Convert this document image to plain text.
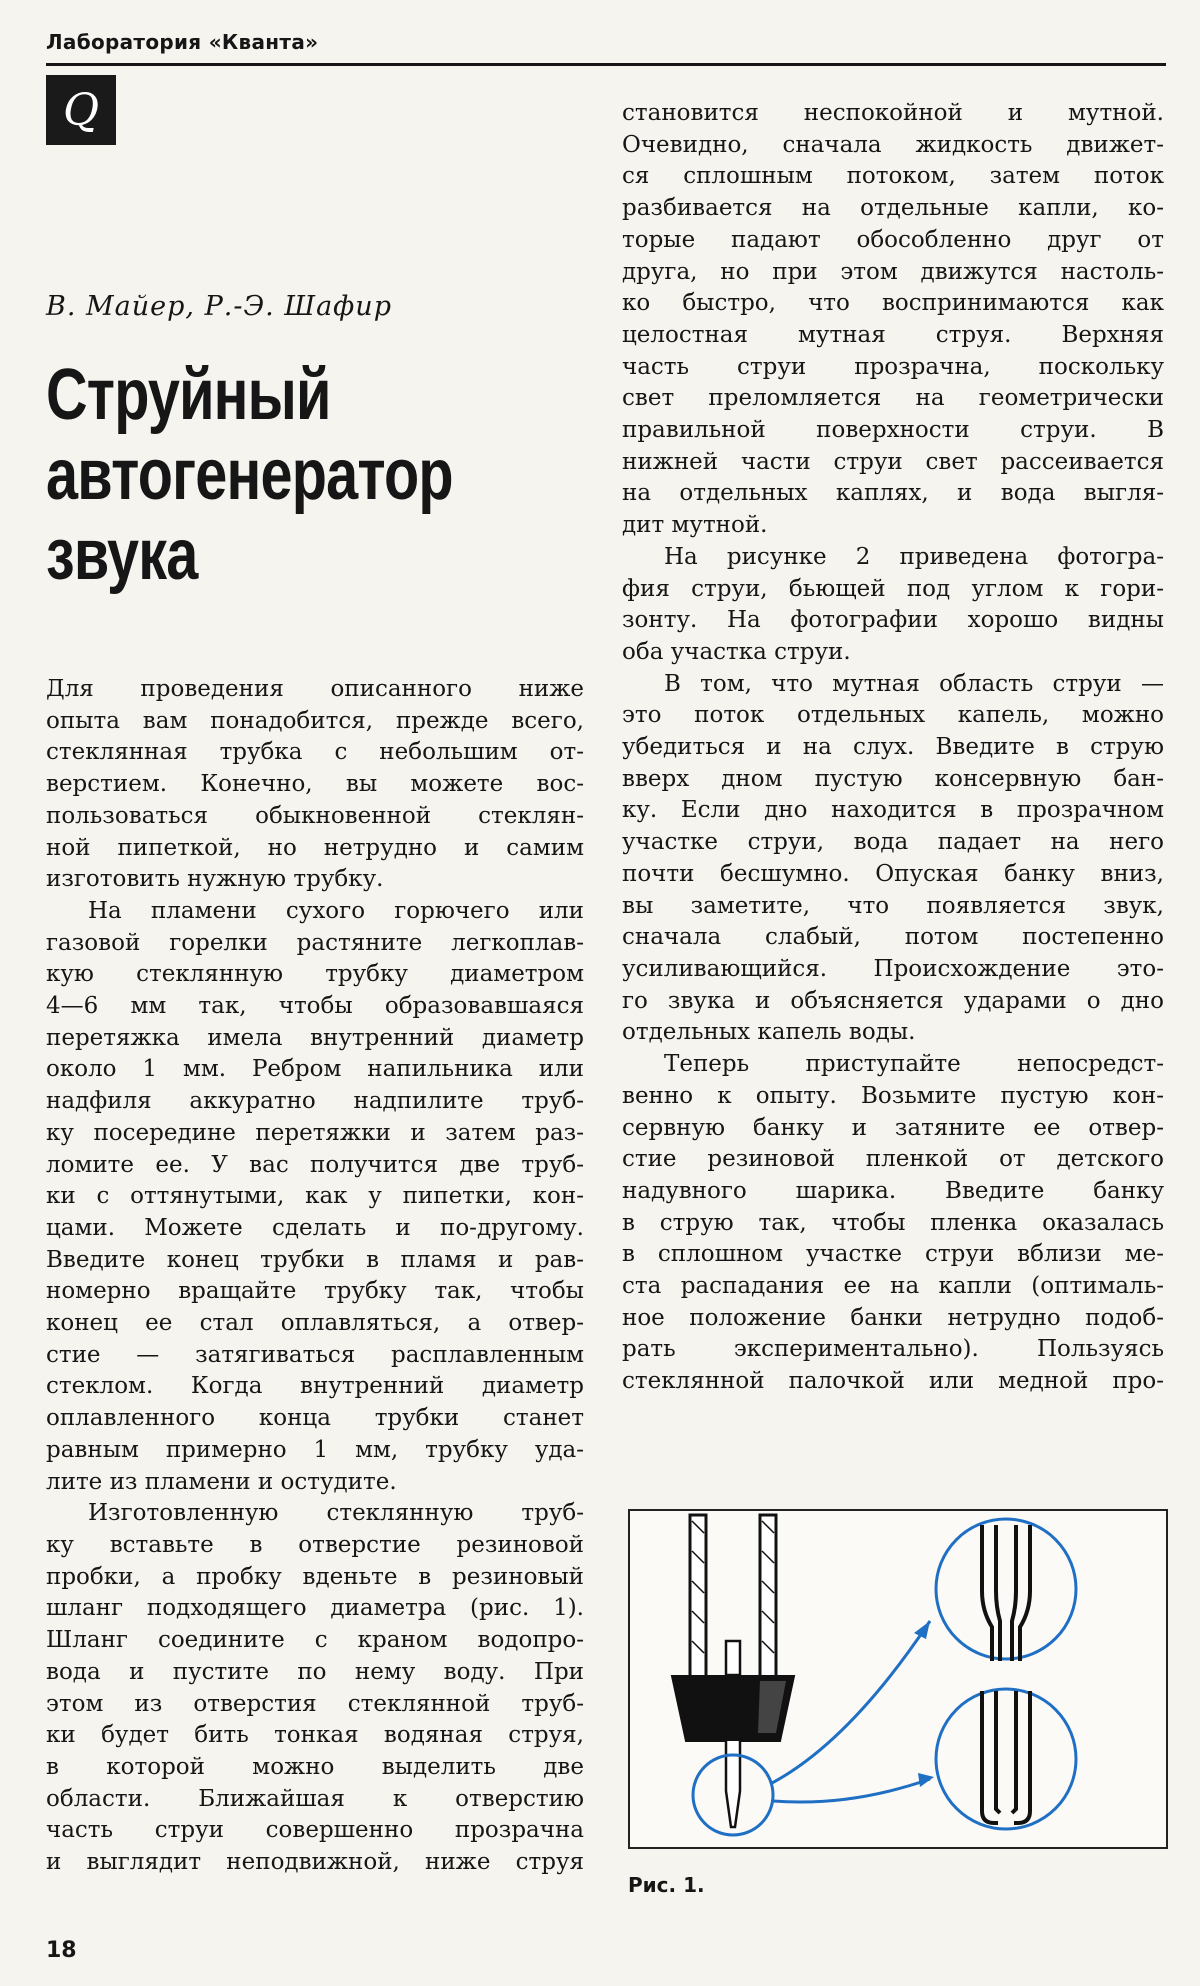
Лаборатория «Кванта»
Q
В. Майер, Р.-Э. Шафир
Струйный
автогенератор
звука
Для проведения описанного ниже
опыта вам понадобится, прежде всего,
стеклянная трубка с небольшим от-
верстием. Конечно, вы можете вос-
пользоваться обыкновенной стеклян-
ной пипеткой, но нетрудно и самим
изготовить нужную трубку.
На пламени сухого горючего или
газовой горелки растяните легкоплав-
кую стеклянную трубку диаметром
4—6 мм так, чтобы образовавшаяся
перетяжка имела внутренний диаметр
около 1 мм. Ребром напильника или
надфиля аккуратно надпилите труб-
ку посередине перетяжки и затем раз-
ломите ее. У вас получится две труб-
ки с оттянутыми, как у пипетки, кон-
цами. Можете сделать и по-другому.
Введите конец трубки в пламя и рав-
номерно вращайте трубку так, чтобы
конец ее стал оплавляться, а отвер-
стие — затягиваться расплавленным
стеклом. Когда внутренний диаметр
оплавленного конца трубки станет
равным примерно 1 мм, трубку уда-
лите из пламени и остудите.
Изготовленную стеклянную труб-
ку вставьте в отверстие резиновой
пробки, а пробку вденьте в резиновый
шланг подходящего диаметра (рис. 1).
Шланг соедините с краном водопро-
вода и пустите по нему воду. При
этом из отверстия стеклянной труб-
ки будет бить тонкая водяная струя,
в которой можно выделить две
области. Ближайшая к отверстию
часть струи совершенно прозрачна
и выглядит неподвижной, ниже струя
становится неспокойной и мутной.
Очевидно, сначала жидкость движет-
ся сплошным потоком, затем поток
разбивается на отдельные капли, ко-
торые падают обособленно друг от
друга, но при этом движутся настоль-
ко быстро, что воспринимаются как
целостная мутная струя. Верхняя
часть струи прозрачна, поскольку
свет преломляется на геометрически
правильной поверхности струи. В
нижней части струи свет рассеивается
на отдельных каплях, и вода выгля-
дит мутной.
На рисунке 2 приведена фотогра-
фия струи, бьющей под углом к гори-
зонту. На фотографии хорошо видны
оба участка струи.
В том, что мутная область струи —
это поток отдельных капель, можно
убедиться и на слух. Введите в струю
вверх дном пустую консервную бан-
ку. Если дно находится в прозрачном
участке струи, вода падает на него
почти бесшумно. Опуская банку вниз,
вы заметите, что появляется звук,
сначала слабый, потом постепенно
усиливающийся. Происхождение это-
го звука и объясняется ударами о дно
отдельных капель воды.
Теперь приступайте непосредст-
венно к опыту. Возьмите пустую кон-
сервную банку и затяните ее отвер-
стие резиновой пленкой от детского
надувного шарика. Введите банку
в струю так, чтобы пленка оказалась
в сплошном участке струи вблизи ме-
ста распадания ее на капли (оптималь-
ное положение банки нетрудно подоб-
рать экспериментально). Пользуясь
стеклянной палочкой или медной про-
Рис. 1.
18
